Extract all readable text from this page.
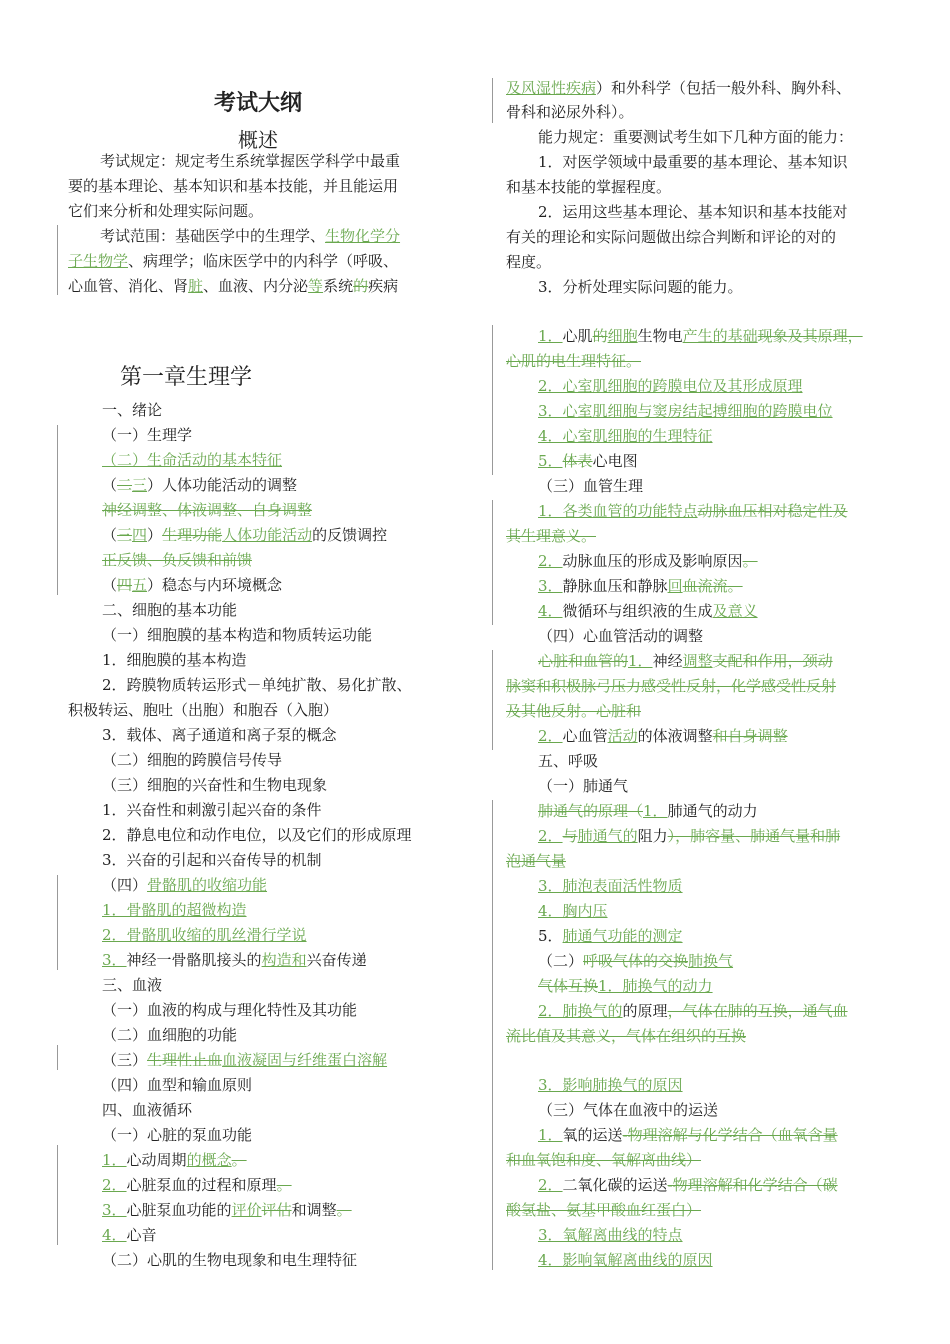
考试大纲
概述
考试规定：规定考生系统掌握医学科学中最重
要的基本理论、基本知识和基本技能，并且能运用
它们来分析和处理实际问题。
考试范围：基础医学中的生理学、生物化学分
子生物学、病理学；临床医学中的内科学（呼吸、
心血管、消化、肾脏、血液、内分泌等系统的疾病
第一章生理学
一、绪论
（一）生理学
（二）生命活动的基本特征
（二三）人体功能活动的调整
神经调整、体液调整、自身调整
（三四）生理功能人体功能活动的反馈调控
正反馈、负反馈和前馈
（四五）稳态与内环境概念
二、细胞的基本功能
（一）细胞膜的基本构造和物质转运功能
1．细胞膜的基本构造
2．跨膜物质转运形式－单纯扩散、易化扩散、
积极转运、胞吐（出胞）和胞吞（入胞）
3．载体、离子通道和离子泵的概念
（二）细胞的跨膜信号传导
（三）细胞的兴奋性和生物电现象
1．兴奋性和刺激引起兴奋的条件
2．静息电位和动作电位，以及它们的形成原理
3．兴奋的引起和兴奋传导的机制
（四）骨骼肌的收缩功能
1．骨骼肌的超微构造
2．骨骼肌收缩的肌丝滑行学说
3．神经一骨骼肌接头的构造和兴奋传递
三、血液
（一）血液的构成与理化特性及其功能
（二）血细胞的功能
（三）生理性止血血液凝固与纤维蛋白溶解
（四）血型和输血原则
四、血液循环
（一）心脏的泵血功能
1．心动周期的概念。
2．心脏泵血的过程和原理。
3．心脏泵血功能的评价评估和调整。
4．心音
（二）心肌的生物电现象和电生理特征
及风湿性疾病）和外科学（包括一般外科、胸外科、
骨科和泌尿外科）。
能力规定：重要测试考生如下几种方面的能力：
1．对医学领域中最重要的基本理论、基本知识
和基本技能的掌握程度。
2．运用这些基本理论、基本知识和基本技能对
有关的理论和实际问题做出综合判断和评论的对的
程度。
3．分析处理实际问题的能力。
1．心肌的细胞生物电产生的基础现象及其原理，
心肌的电生理特征。
2．心室肌细胞的跨膜电位及其形成原理
3．心室肌细胞与窦房结起搏细胞的跨膜电位
4．心室肌细胞的生理特征
5．体表心电图
（三）血管生理
1．各类血管的功能特点动脉血压相对稳定性及
其生理意义。
2．动脉血压的形成及影响原因。
3．静脉血压和静脉回血流流。
4．微循环与组织液的生成及意义
（四）心血管活动的调整
心脏和血管的1．神经调整支配和作用，颈动
脉窦和积极脉弓压力感受性反射，化学感受性反射
及其他反射。心脏和
2．心血管活动的体液调整和自身调整
五、呼吸
（一）肺通气
肺通气的原理（1．肺通气的动力
2．与肺通气的阻力），肺容量、肺通气量和肺
泡通气量
3．肺泡表面活性物质
4．胸内压
5．肺通气功能的测定
（二）呼吸气体的交换肺换气
气体互换1．肺换气的动力
2．肺换气的的原理，气体在肺的互换，通气血
流比值及其意义，气体在组织的互换
3．影响肺换气的原因
（三）气体在血液中的运送
1．氧的运送-物理溶解与化学结合（血氧含量
和血氧饱和度、氧解离曲线）
2．二氧化碳的运送-物理溶解和化学结合（碳
酸氢盐、氨基甲酸血红蛋白）
3．氧解离曲线的特点
4．影响氧解离曲线的原因
